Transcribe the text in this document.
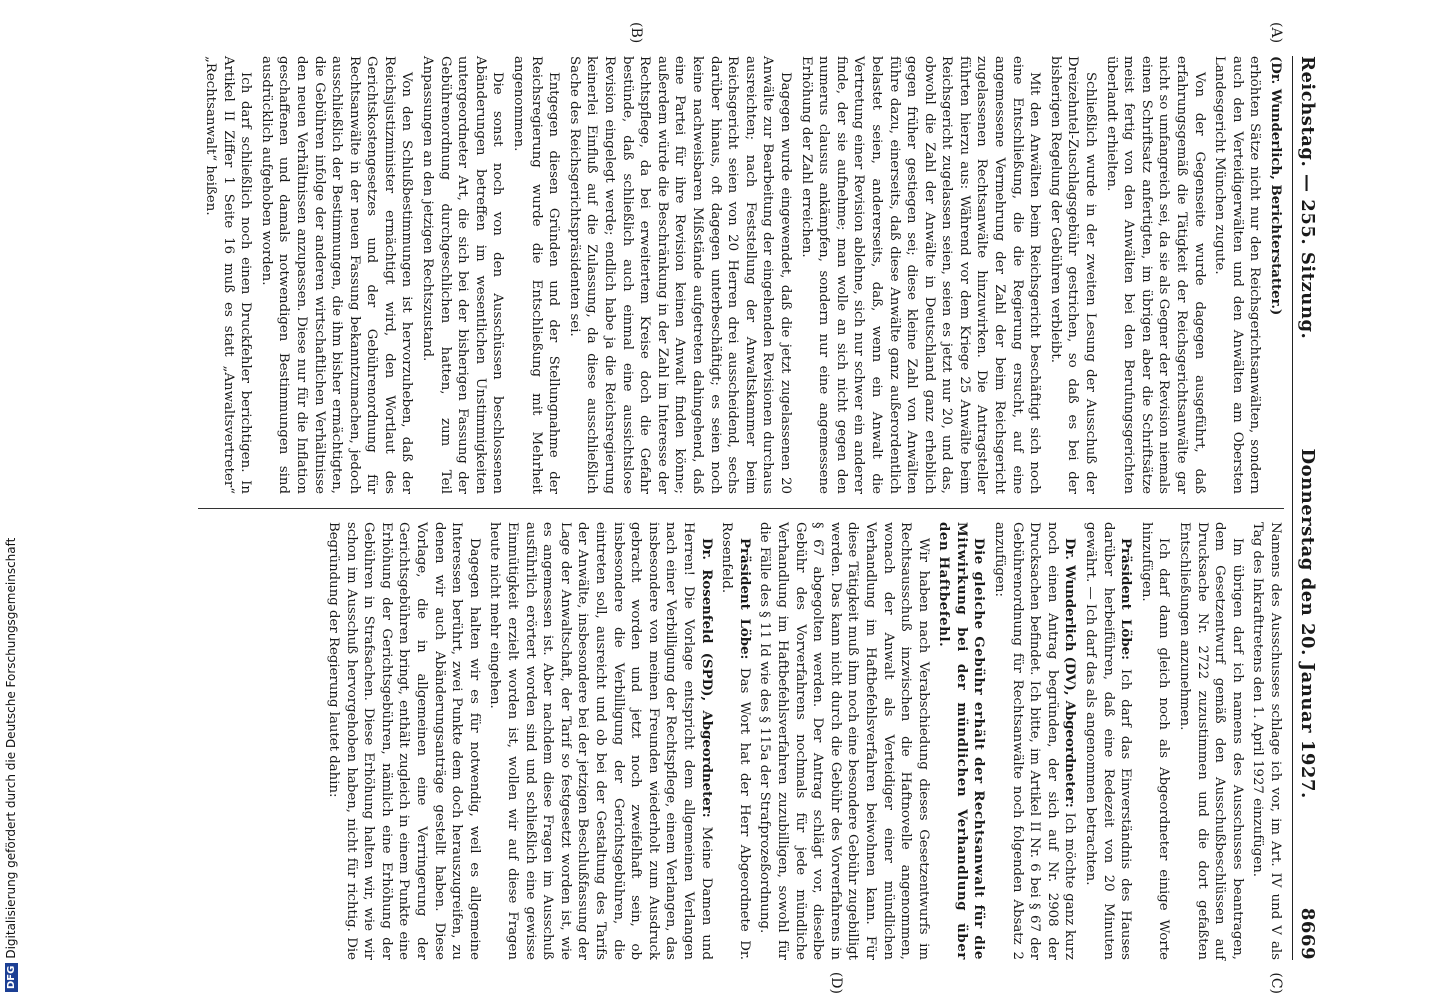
Reichstag. — 255. Sitzung.
Donnerstag den 20. Januar 1927.
8669
(A)
(B)
(C)
(D)

(Dr. Wunderlich, Berichterstatter.)

erhöhten Sätze nicht nur den Reichsgerichtsanwälten, sondern auch den Verteidigerwälten und den Anwälten am Obersten Landesgericht München zugute.

Von der Gegenseite wurde dagegen ausgeführt, daß erfahrungsgemäß die Tätigkeit der Reichsgerichtsanwälte gar nicht so umfangreich sei, da sie als Gegner der Revision niemals einen Schriftsatz anfertigten, im übrigen aber die Schriftsätze meist fertig von den Anwälten bei den Berufungsgerichten überlandt erhielten.

Schließlich wurde in der zweiten Lesung der Ausschuß der Dreizehntel-Zuschlagsgebühr gestrichen, so daß es bei der bisherigen Regelung der Gebühren verbleibt.

Mit den Anwälten beim Reichsgericht beschäftigt sich noch eine Entschließung, die die Regierung ersucht, auf eine angemessene Vermehrung der Zahl der beim Reichsgericht zugelassenen Rechtsanwälte hinzuwirken. Die Antragsteller führten hierzu aus: Während vor dem Kriege 25 Anwälte beim Reichsgericht zugelassen seien, seien es jetzt nur 20, und das, obwohl die Zahl der Anwälte in Deutschland ganz erheblich gegen früher gestiegen sei; diese kleine Zahl von Anwälten führe dazu, einerseits, daß diese Anwälte ganz außerordentlich belastet seien, andererseits, daß, wenn ein Anwalt die Vertretung einer Revision ablehne, sich nur schwer ein anderer finde, der sie aufnehme; man wolle an sich nicht gegen den numerus clausus ankämpfen, sondern nur eine angemessene Erhöhung der Zahl erreichen.

Dagegen wurde eingewendet, daß die jetzt zugelassenen 20 Anwälte zur Bearbeitung der eingehenden Revisionen durchaus ausreichten; nach Feststellung der Anwaltskammer beim Reichsgericht seien von 20 Herren drei ausscheidend, sechs darüber hinaus, oft dagegen unterbeschäftigt; es seien noch keine nachweisbaren Mißstände aufgetreten dahingehend, daß eine Partei für ihre Revision keinen Anwalt finden könne; außerdem würde die Beschränkung in der Zahl im Interesse der Rechtspflege, da bei erweitertem Kreise doch die Gefahr bestünde, daß schließlich auch einmal eine aussichtslose Revision eingelegt werde; endlich habe ja die Reichsregierung keinerlei Einfluß auf die Zulassung, da diese ausschließlich Sache des Reichsgerichtspräsidenten sei.

Entgegen diesen Gründen und der Stellungnahme der Reichsregierung wurde die Entschließung mit Mehrheit angenommen.

Die sonst noch von den Ausschüssen beschlossenen Abänderungen betreffen im wesentlichen Unstimmigkeiten untergeordneter Art, die sich bei der bisherigen Fassung der Gebührenordnung durchgeschlichen hatten, zum Teil Anpassungen an den jetzigen Rechtszustand.

Von den Schlußbestimmungen ist hervorzuheben, daß der Reichsjustizminister ermächtigt wird, den Wortlaut des Gerichtskostengesetzes und der Gebührenordnung für Rechtsanwälte in der neuen Fassung bekanntzumachen, jedoch ausschließlich der Bestimmungen, die ihm bisher ermächtigten, die Gebühren infolge der anderen wirtschaftlichen Verhältnisse den neuen Verhältnissen anzupassen. Diese nur für die Inflation geschaffenen und damals notwendigen Bestimmungen sind ausdrücklich aufgehoben worden.

Ich darf schließlich noch einen Druckfehler berichtigen. In Artikel II Ziffer 1 Seite 16 muß es statt „Anwaltsvertreter“ „Rechtsanwalt“ heißen.

Namens des Ausschusses schlage ich vor, im Art. IV und V als Tag des Inkrafttretens den 1. April 1927 einzufügen.

Im übrigen darf ich namens des Ausschusses beantragen, dem Gesetzentwurf gemäß den Ausschußbeschlüssen auf Drucksache Nr. 2722 zuzustimmen und die dort gefaßten Entschließungen anzunehmen.

Ich darf dann gleich noch als Abgeordneter einige Worte hinzufügen.

Präsident Löbe: Ich darf das Einverständnis des Hauses darüber herbeiführen, daß eine Redezeit von 20 Minuten gewährt. — Ich darf das als angenommen betrachten.

Dr. Wunderlich (DV), Abgeordneter: Ich möchte ganz kurz noch einen Antrag begründen, der sich auf Nr. 2908 der Drucksachen befindet. Ich bitte, im Artikel II Nr. 6 bei § 67 der Gebührenordnung für Rechtsanwälte noch folgenden Absatz 2 anzufügen:

Die gleiche Gebühr erhält der Rechtsanwalt für die Mitwirkung bei der mündlichen Verhandlung über den Haftbefehl.

Wir haben nach Verabschiedung dieses Gesetzentwurfs im Rechtsausschuß inzwischen die Haftnovelle angenommen, wonach der Anwalt als Verteidiger einer mündlichen Verhandlung im Haftbefehlsverfahren beiwohnen kann. Für diese Tätigkeit muß ihm noch eine besondere Gebühr zugebilligt werden. Das kann nicht durch die Gebühr des Vorverfahrens in § 67 abgegolten werden. Der Antrag schlägt vor, dieselbe Gebühr des Vorverfahrens nochmals für jede mündliche Verhandlung im Haftbefehlsverfahren zuzubilligen, sowohl für die Fälle des § 11 Id wie des § 115a der Strafprozeßordnung.

Präsident Löbe: Das Wort hat der Herr Abgeordnete Dr. Rosenfeld.

Dr. Rosenfeld (SPD), Abgeordneter: Meine Damen und Herren! Die Vorlage entspricht dem allgemeinen Verlangen nach einer Verbilligung der Rechtspflege, einem Verlangen, das insbesondere von meinen Freunden wiederholt zum Ausdruck gebracht worden und jetzt noch zweifelhaft sein, ob insbesondere die Verbilligung der Gerichtsgebühren, die eintreten soll, ausreicht und ob bei der Gestaltung des Tarifs der Anwälte, insbesondere bei der jetzigen Beschlußfassung der Lage der Anwaltschaft, der Tarif so festgesetzt worden ist, wie es angemessen ist. Aber nachdem diese Fragen im Ausschuß ausführlich erörtert worden sind und schließlich eine gewisse Einmütigkeit erzielt worden ist, wollen wir auf diese Fragen heute nicht mehr eingehen.

Dagegen halten wir es für notwendig, weil es allgemeine Interessen berührt, zwei Punkte dem doch herauszugreifen, zu denen wir auch Abänderungsanträge gestellt haben. Diese Vorlage, die in allgemeinen eine Verringerung der Gerichtsgebühren bringt, enthält zugleich in einem Punkte eine Erhöhung der Gerichtsgebühren, nämlich eine Erhöhung der Gebühren in Strafsachen. Diese Erhöhung halten wir, wie wir schon im Ausschuß hervorgehoben haben, nicht für richtig. Die Begründung der Regierung lautet dahin:

DFG
Digitalisierung gefördert durch die Deutsche Forschungsgemeinschaft
